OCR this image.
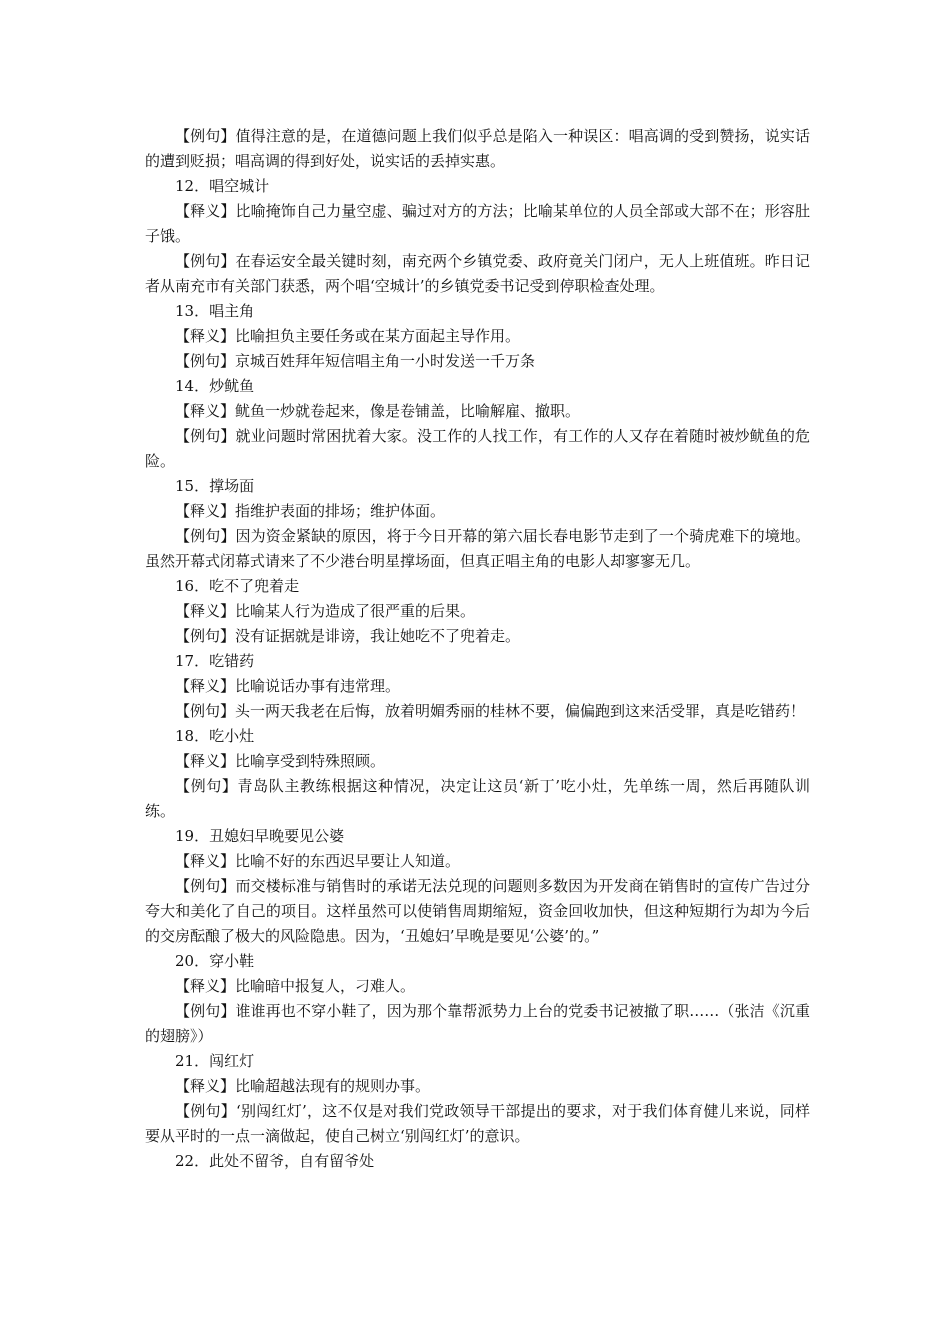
【例句】值得注意的是，在道德问题上我们似乎总是陷入一种误区：唱高调的受到赞扬，说实话的遭到贬损；唱高调的得到好处，说实话的丢掉实惠。

12．唱空城计

【释义】比喻掩饰自己力量空虚、骗过对方的方法；比喻某单位的人员全部或大部不在；形容肚子饿。

【例句】在春运安全最关键时刻，南充两个乡镇党委、政府竟关门闭户，无人上班值班。昨日记者从南充市有关部门获悉，两个唱‘空城计’的乡镇党委书记受到停职检查处理。

13．唱主角

【释义】比喻担负主要任务或在某方面起主导作用。

【例句】京城百姓拜年短信唱主角一小时发送一千万条

14．炒鱿鱼

【释义】鱿鱼一炒就卷起来，像是卷铺盖，比喻解雇、撤职。

【例句】就业问题时常困扰着大家。没工作的人找工作，有工作的人又存在着随时被炒鱿鱼的危险。

15．撑场面

【释义】指维护表面的排场；维护体面。

【例句】因为资金紧缺的原因，将于今日开幕的第六届长春电影节走到了一个骑虎难下的境地。虽然开幕式闭幕式请来了不少港台明星撑场面，但真正唱主角的电影人却寥寥无几。

16．吃不了兜着走

【释义】比喻某人行为造成了很严重的后果。

【例句】没有证据就是诽谤，我让她吃不了兜着走。

17．吃错药

【释义】比喻说话办事有违常理。

【例句】头一两天我老在后悔，放着明媚秀丽的桂林不要，偏偏跑到这来活受罪，真是吃错药！

18．吃小灶

【释义】比喻享受到特殊照顾。

【例句】青岛队主教练根据这种情况，决定让这员‘新丁’吃小灶，先单练一周，然后再随队训练。

19．丑媳妇早晚要见公婆

【释义】比喻不好的东西迟早要让人知道。

【例句】而交楼标准与销售时的承诺无法兑现的问题则多数因为开发商在销售时的宣传广告过分夸大和美化了自己的项目。这样虽然可以使销售周期缩短，资金回收加快，但这种短期行为却为今后的交房酝酿了极大的风险隐患。因为，‘丑媳妇’早晚是要见‘公婆’的。”

20．穿小鞋

【释义】比喻暗中报复人，刁难人。

【例句】谁谁再也不穿小鞋了，因为那个靠帮派势力上台的党委书记被撤了职……（张洁《沉重的翅膀》）

21．闯红灯

【释义】比喻超越法现有的规则办事。

【例句】‘别闯红灯’，这不仅是对我们党政领导干部提出的要求，对于我们体育健儿来说，同样要从平时的一点一滴做起，使自己树立‘别闯红灯’的意识。

22．此处不留爷，自有留爷处
